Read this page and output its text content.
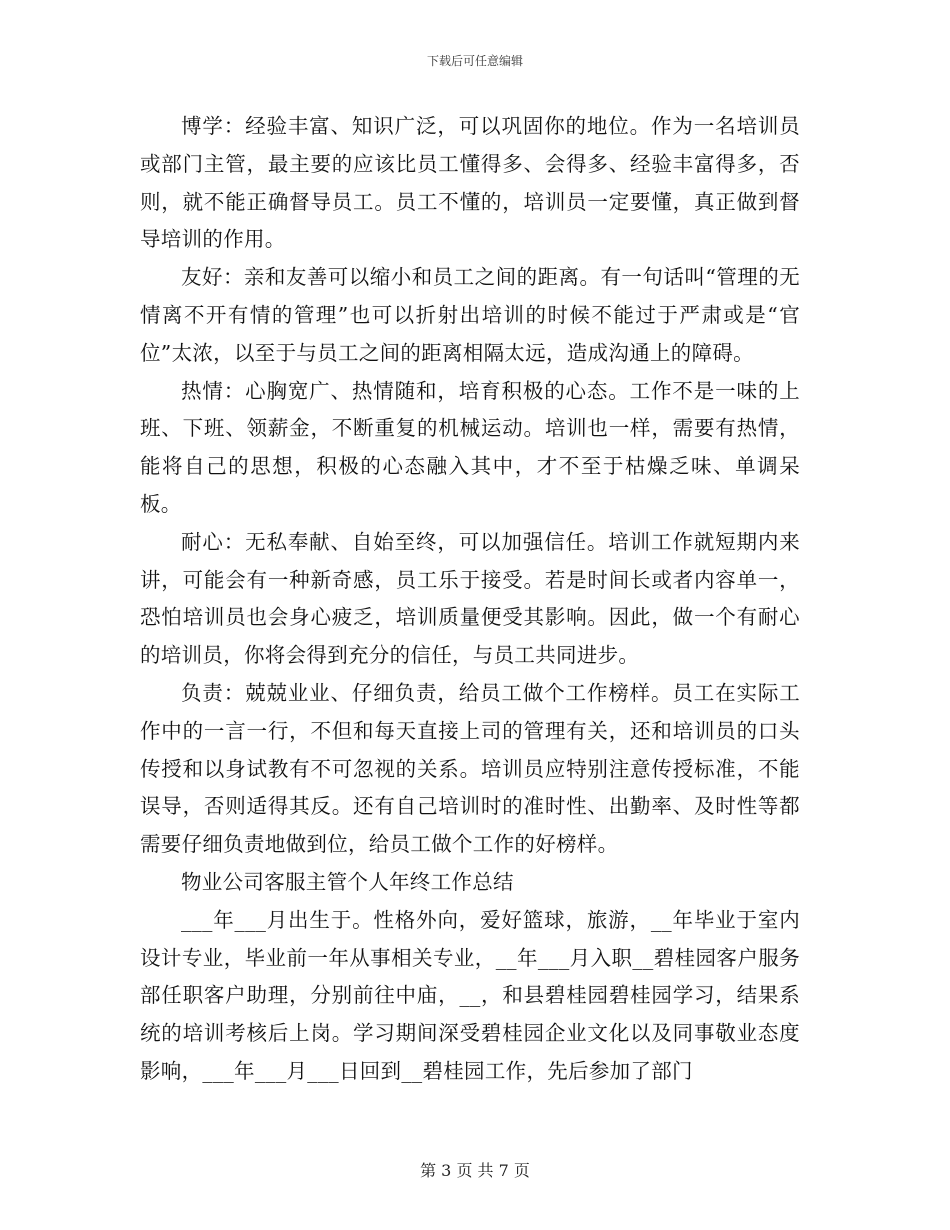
下载后可任意编辑

博学：经验丰富、知识广泛，可以巩固你的地位。作为一名培训员或部门主管，最主要的应该比员工懂得多、会得多、经验丰富得多，否则，就不能正确督导员工。员工不懂的，培训员一定要懂，真正做到督导培训的作用。

友好：亲和友善可以缩小和员工之间的距离。有一句话叫“管理的无情离不开有情的管理”也可以折射出培训的时候不能过于严肃或是“官位”太浓，以至于与员工之间的距离相隔太远，造成沟通上的障碍。

热情：心胸宽广、热情随和，培育积极的心态。工作不是一味的上班、下班、领薪金，不断重复的机械运动。培训也一样，需要有热情，能将自己的思想，积极的心态融入其中，才不至于枯燥乏味、单调呆板。

耐心：无私奉献、自始至终，可以加强信任。培训工作就短期内来讲，可能会有一种新奇感，员工乐于接受。若是时间长或者内容单一，恐怕培训员也会身心疲乏，培训质量便受其影响。因此，做一个有耐心的培训员，你将会得到充分的信任，与员工共同进步。

负责：兢兢业业、仔细负责，给员工做个工作榜样。员工在实际工作中的一言一行，不但和每天直接上司的管理有关，还和培训员的口头传授和以身试教有不可忽视的关系。培训员应特别注意传授标准，不能误导，否则适得其反。还有自己培训时的准时性、出勤率、及时性等都需要仔细负责地做到位，给员工做个工作的好榜样。

物业公司客服主管个人年终工作总结

___年___月出生于。性格外向，爱好篮球，旅游，__年毕业于室内设计专业，毕业前一年从事相关专业，__年___月入职__碧桂园客户服务部任职客户助理，分别前往中庙，__，和县碧桂园碧桂园学习，结果系统的培训考核后上岗。学习期间深受碧桂园企业文化以及同事敬业态度影响，___年___月___日回到__碧桂园工作，先后参加了部门

第 3 页 共 7 页
